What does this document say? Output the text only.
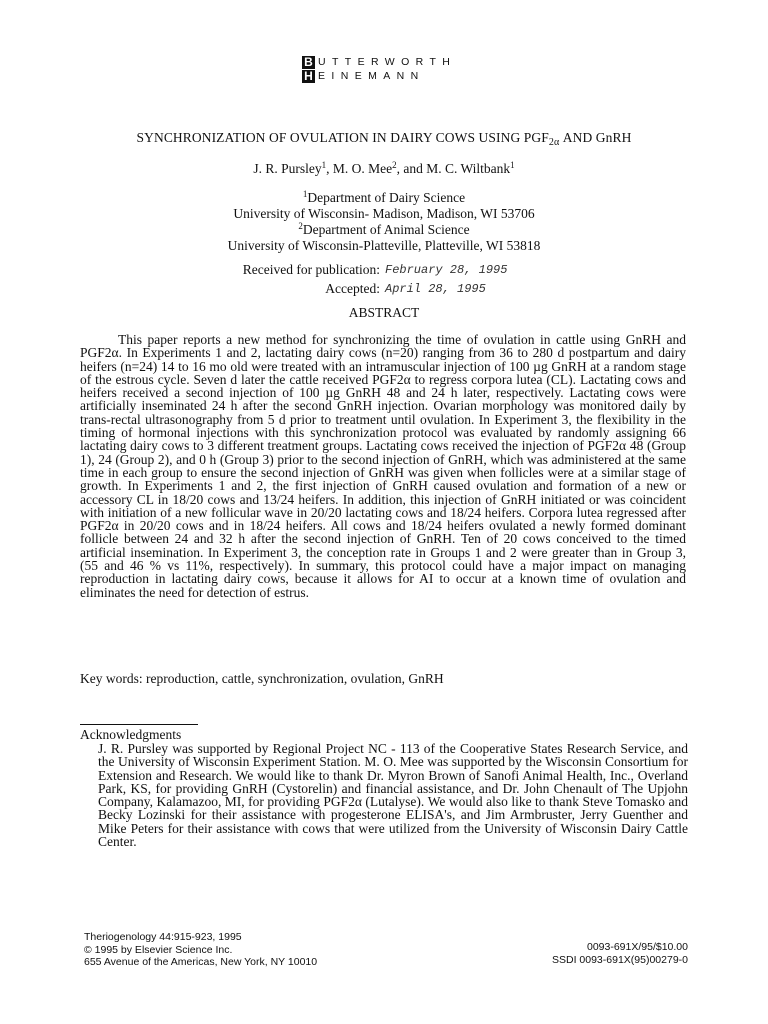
B UTTERWORTH
H EINEMANN
SYNCHRONIZATION OF OVULATION IN DAIRY COWS USING $PGF_{2\alpha}$ AND GnRH
J. R. Pursley$^1$, M. O. Mee$^2$, and M. C. Wiltbank$^1$
$^1$Department of Dairy Science
University of Wisconsin- Madison, Madison, WI 53706
$^2$Department of Animal Science
University of Wisconsin-Platteville, Platteville, WI 53818
Received for publication: February 28, 1995
Accepted: April 28, 1995
ABSTRACT

This paper reports a new method for synchronizing the time of ovulation in cattle using GnRH and PGF2α. In Experiments 1 and 2, lactating dairy cows (n=20) ranging from 36 to 280 d postpartum and dairy heifers (n=24) 14 to 16 mo old were treated with an intramuscular injection of 100 µg GnRH at a random stage of the estrous cycle. Seven d later the cattle received PGF2α to regress corpora lutea (CL). Lactating cows and heifers received a second injection of 100 µg GnRH 48 and 24 h later, respectively. Lactating cows were artificially inseminated 24 h after the second GnRH injection. Ovarian morphology was monitored daily by trans-rectal ultrasonography from 5 d prior to treatment until ovulation. In Experiment 3, the flexibility in the timing of hormonal injections with this synchronization protocol was evaluated by randomly assigning 66 lactating dairy cows to 3 different treatment groups. Lactating cows received the injection of PGF2α 48 (Group 1), 24 (Group 2), and 0 h (Group 3) prior to the second injection of GnRH, which was administered at the same time in each group to ensure the second injection of GnRH was given when follicles were at a similar stage of growth. In Experiments 1 and 2, the first injection of GnRH caused ovulation and formation of a new or accessory CL in 18/20 cows and 13/24 heifers. In addition, this injection of GnRH initiated or was coincident with initiation of a new follicular wave in 20/20 lactating cows and 18/24 heifers. Corpora lutea regressed after PGF2α in 20/20 cows and in 18/24 heifers. All cows and 18/24 heifers ovulated a newly formed dominant follicle between 24 and 32 h after the second injection of GnRH. Ten of 20 cows conceived to the timed artificial insemination. In Experiment 3, the conception rate in Groups 1 and 2 were greater than in Group 3, (55 and 46 % vs 11%, respectively). In summary, this protocol could have a major impact on managing reproduction in lactating dairy cows, because it allows for AI to occur at a known time of ovulation and eliminates the need for detection of estrus.

Key words: reproduction, cattle, synchronization, ovulation, GnRH
Acknowledgments

J. R. Pursley was supported by Regional Project NC - 113 of the Cooperative States Research Service, and the University of Wisconsin Experiment Station. M. O. Mee was supported by the Wisconsin Consortium for Extension and Research. We would like to thank Dr. Myron Brown of Sanofi Animal Health, Inc., Overland Park, KS, for providing GnRH (Cystorelin) and financial assistance, and Dr. John Chenault of The Upjohn Company, Kalamazoo, MI, for providing PGF2α (Lutalyse). We would also like to thank Steve Tomasko and Becky Lozinski for their assistance with progesterone ELISA's, and Jim Armbruster, Jerry Guenther and Mike Peters for their assistance with cows that were utilized from the University of Wisconsin Dairy Cattle Center.

Theriogenology 44:915-923, 1995
© 1995 by Elsevier Science Inc.
655 Avenue of the Americas, New York, NY 10010
0093-691X/95/$10.00
SSDI 0093-691X(95)00279-0
